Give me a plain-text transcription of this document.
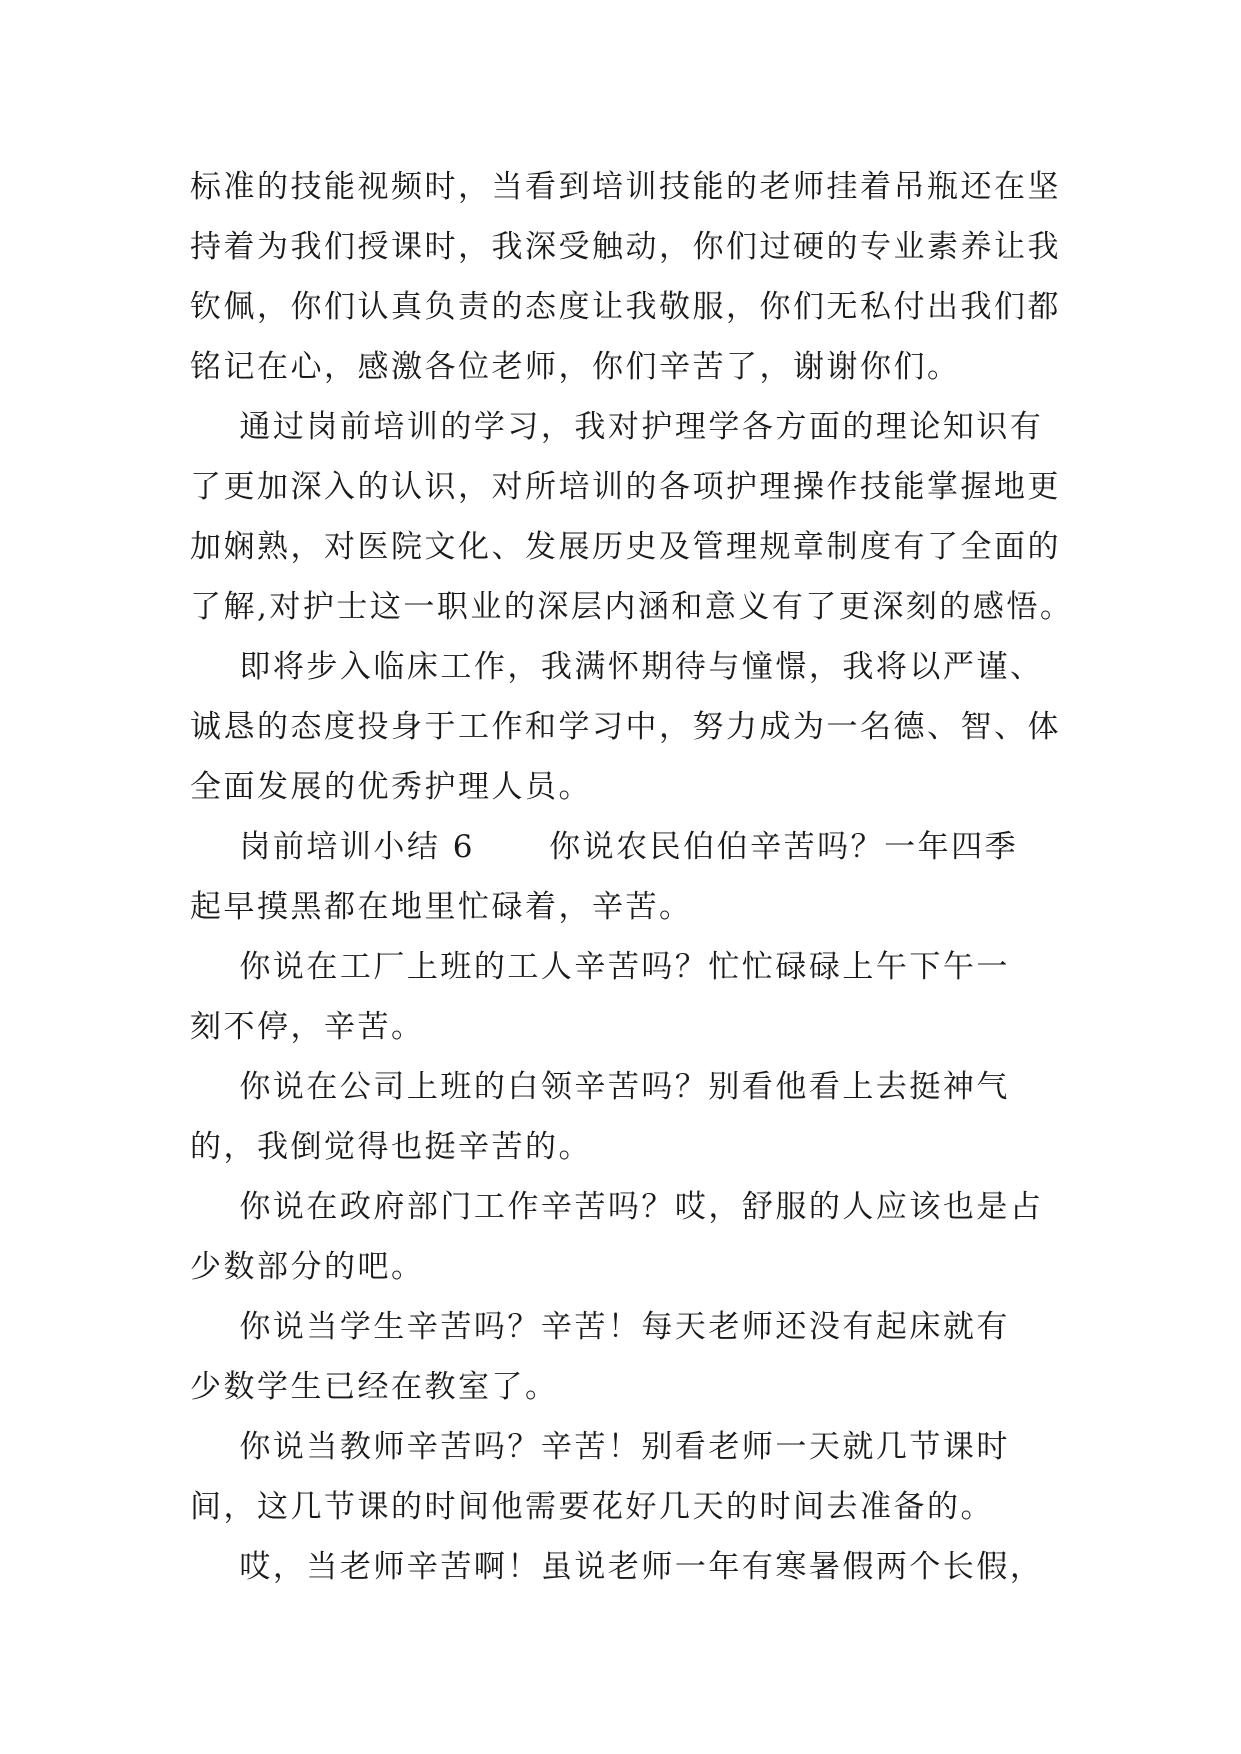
标准的技能视频时，当看到培训技能的老师挂着吊瓶还在坚
持着为我们授课时，我深受触动，你们过硬的专业素养让我
钦佩，你们认真负责的态度让我敬服，你们无私付出我们都
铭记在心，感激各位老师，你们辛苦了，谢谢你们。
通过岗前培训的学习，我对护理学各方面的理论知识有
了更加深入的认识，对所培训的各项护理操作技能掌握地更
加娴熟，对医院文化、发展历史及管理规章制度有了全面的
了解,对护士这一职业的深层内涵和意义有了更深刻的感悟。
即将步入临床工作，我满怀期待与憧憬，我将以严谨、
诚恳的态度投身于工作和学习中，努力成为一名德、智、体
全面发展的优秀护理人员。
岗前培训小结 6      你说农民伯伯辛苦吗？一年四季
起早摸黑都在地里忙碌着，辛苦。
你说在工厂上班的工人辛苦吗？忙忙碌碌上午下午一
刻不停，辛苦。
你说在公司上班的白领辛苦吗？别看他看上去挺神气
的，我倒觉得也挺辛苦的。
你说在政府部门工作辛苦吗？哎，舒服的人应该也是占
少数部分的吧。
你说当学生辛苦吗？辛苦！每天老师还没有起床就有
少数学生已经在教室了。
你说当教师辛苦吗？辛苦！别看老师一天就几节课时
间，这几节课的时间他需要花好几天的时间去准备的。
哎，当老师辛苦啊！虽说老师一年有寒暑假两个长假，
